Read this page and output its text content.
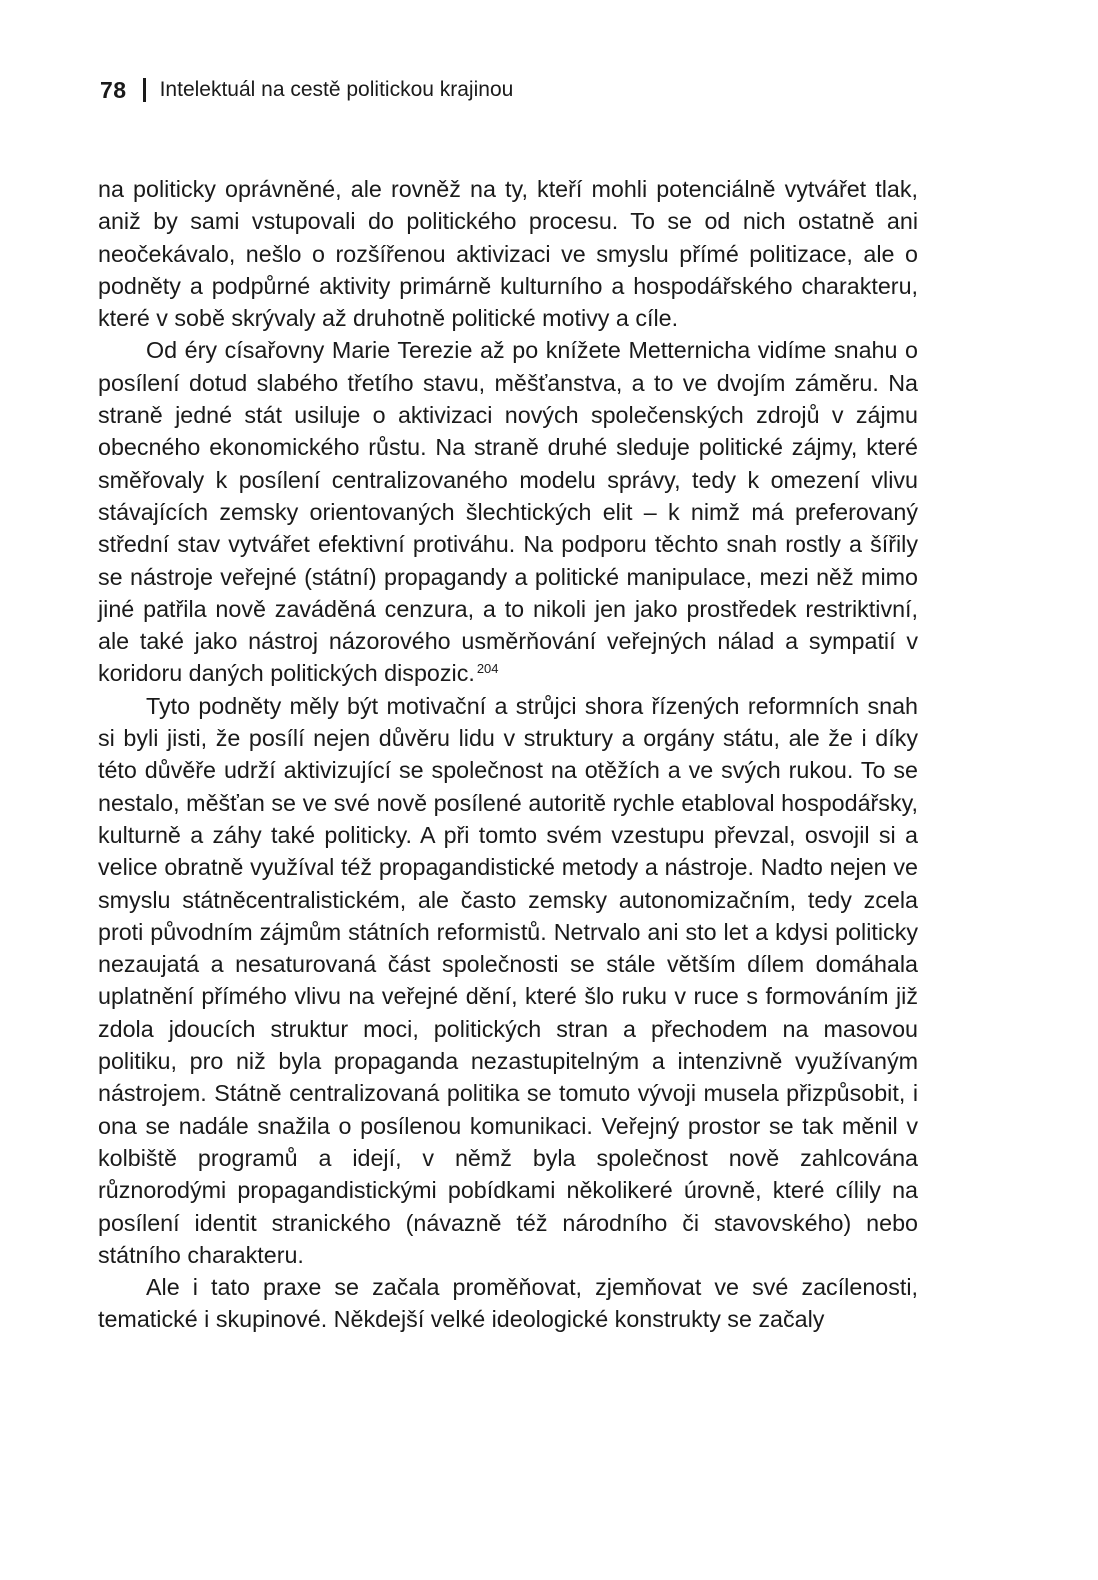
78 Intelektuál na cestě politickou krajinou

na politicky oprávněné, ale rovněž na ty, kteří mohli potenciálně vytvářet tlak, aniž by sami vstupovali do politického procesu. To se od nich ostatně ani neočekávalo, nešlo o rozšířenou aktivizaci ve smyslu přímé politizace, ale o podněty a podpůrné aktivity primárně kulturního a hospodářského charakteru, které v sobě skrývaly až druhotně politické motivy a cíle.

Od éry císařovny Marie Terezie až po knížete Metternicha vidíme snahu o posílení dotud slabého třetího stavu, měšťanstva, a to ve dvojím záměru. Na straně jedné stát usiluje o aktivizaci nových společenských zdrojů v zájmu obecného ekonomického růstu. Na straně druhé sleduje politické zájmy, které směřovaly k posílení centralizovaného modelu správy, tedy k omezení vlivu stávajících zemsky orientovaných šlechtických elit – k nimž má preferovaný střední stav vytvářet efektivní protiváhu. Na podporu těchto snah rostly a šířily se nástroje veřejné (státní) propagandy a politické manipulace, mezi něž mimo jiné patřila nově zaváděná cenzura, a to nikoli jen jako prostředek restriktivní, ale také jako nástroj názorového usměrňování veřejných nálad a sympatií v koridoru daných politických dispozic. $^{204}$

Tyto podněty měly být motivační a strůjci shora řízených reformních snah si byli jisti, že posílí nejen důvěru lidu v struktury a orgány státu, ale že i díky této důvěře udrží aktivizující se společnost na otěžích a ve svých rukou. To se nestalo, měšťan se ve své nově posílené autoritě rychle etabloval hospodářsky, kulturně a záhy také politicky. A při tomto svém vzestupu převzal, osvojil si a velice obratně využíval též propagandistické metody a nástroje. Nadto nejen ve smyslu státněcentralistickém, ale často zemsky autonomizačním, tedy zcela proti původním zájmům státních reformistů. Netrvalo ani sto let a kdysi politicky nezaujatá a nesaturovaná část společnosti se stále větším dílem domáhala uplatnění přímého vlivu na veřejné dění, které šlo ruku v ruce s formováním již zdola jdoucích struktur moci, politických stran a přechodem na masovou politiku, pro niž byla propaganda nezastupitelným a intenzivně využívaným nástrojem. Státně centralizovaná politika se tomuto vývoji musela přizpůsobit, i ona se nadále snažila o posílenou komunikaci. Veřejný prostor se tak měnil v kolbiště programů a idejí, v němž byla společnost nově zahlcována různorodými propagandistickými pobídkami několikeré úrovně, které cílily na posílení identit stranického (návazně též národního či stavovského) nebo státního charakteru.

Ale i tato praxe se začala proměňovat, zjemňovat ve své zacílenosti, tematické i skupinové. Někdejší velké ideologické konstrukty se začaly
